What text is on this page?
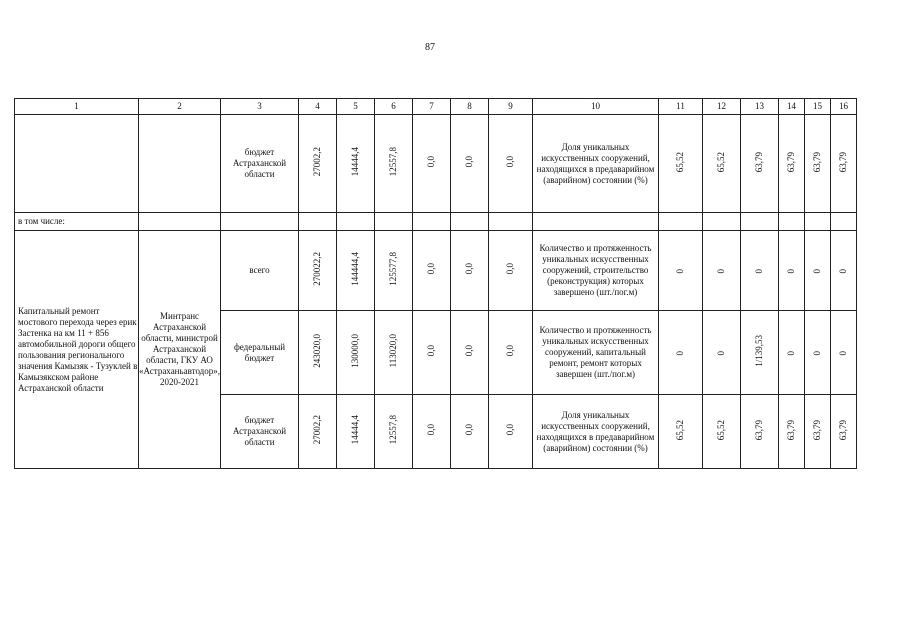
87
1	2	3	4	5	6	7	8	9	10	11	12	13	14	15	16
		бюджет Астраханской области	27002,2	14444,4	12557,8	0,0	0,0	0,0	Доля уникальных искусственных сооружений, находящихся в предаварийном (аварийном) состоянии (%)	65,52	65,52	63,79	63,79	63,79	63,79
в том числе:															
Капитальный ремонт мостового перехода через ерик Застенка на км 11 + 856 автомобильной дороги общего пользования регионального значения Камызяк - Тузуклей в Камызякском районе Астраханской области	Минтранс Астраханской области, министрой Астраханской области, ГКУ АО «Астраханьавтодор», 2020-2021	всего	270022,2	144444,4	125577,8	0,0	0,0	0,0	Количество и протяженность уникальных искусственных сооружений, строительство (реконструкция) которых завершено (шт./пог.м)	0	0	0	0	0	0
		федеральный бюджет	243020,0	130000,0	113020,0	0,0	0,0	0,0	Количество и протяженность уникальных искусственных сооружений, капитальный ремонт, ремонт которых завершен (шт./пог.м)	0	0	1/139,53	0	0	0
		бюджет Астраханской области	27002,2	14444,4	12557,8	0,0	0,0	0,0	Доля уникальных искусственных сооружений, находящихся в предаварийном (аварийном) состоянии (%)	65,52	65,52	63,79	63,79	63,79	63,79
